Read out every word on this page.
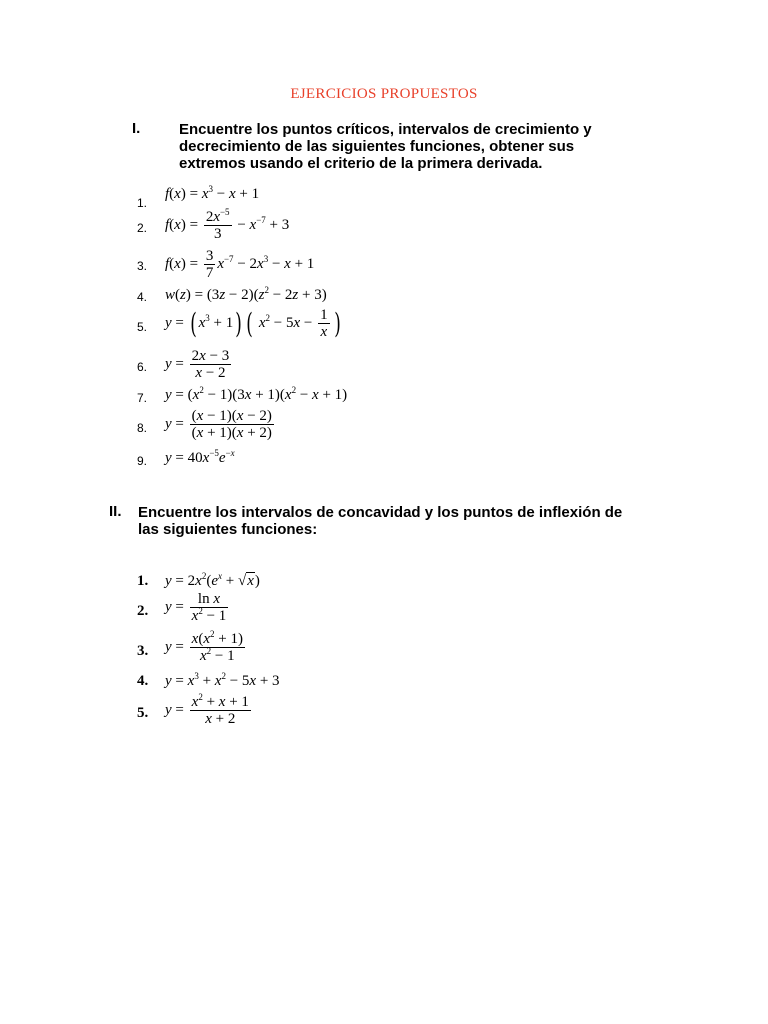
EJERCICIOS PROPUESTOS
I.	Encuentre los puntos críticos, intervalos de crecimiento y
decrecimiento de las siguientes funciones, obtener sus
extremos usando el criterio de la primera derivada.
1.
$f(x) = x^3 - x + 1$
2. $f(x) = \frac{2x^{-5}}{3} - x^{-7} + 3$
3. $f(x) = \frac{3}{7} x^{-7} - 2x^3 - x + 1$
4. $w(z) = (3z - 2)(z^2 - 2z + 3)$
5. y = ( $x^3 + 1$) ( $x^2 - 5x - \frac{1}{x}$ )
6. $y = \frac{2x - 3}{x - 2}$
7. $y = (x^2 - 1)(3x + 1)(x^2 - x + 1)$
8. $y = \frac{(x - 1)(x - 2)}{(x + 1)(x + 2)}$
9. $y = 40x^{-5}e^{-x}$
II. Encuentre los intervalos de concavidad y los puntos de inflexión de
las siguientes funciones:
1. $y = 2x^2(e^x + √x)$
2. $y = \frac{\text{ln x}}{x^2 - 1}$
3. $y = \frac{x(x^2 + 1)}{x^2 - 1}$
4. $y = x^3 + x^2 - 5x + 3$
5. $y = \frac{x^2 + x + 1}{x + 2}$
